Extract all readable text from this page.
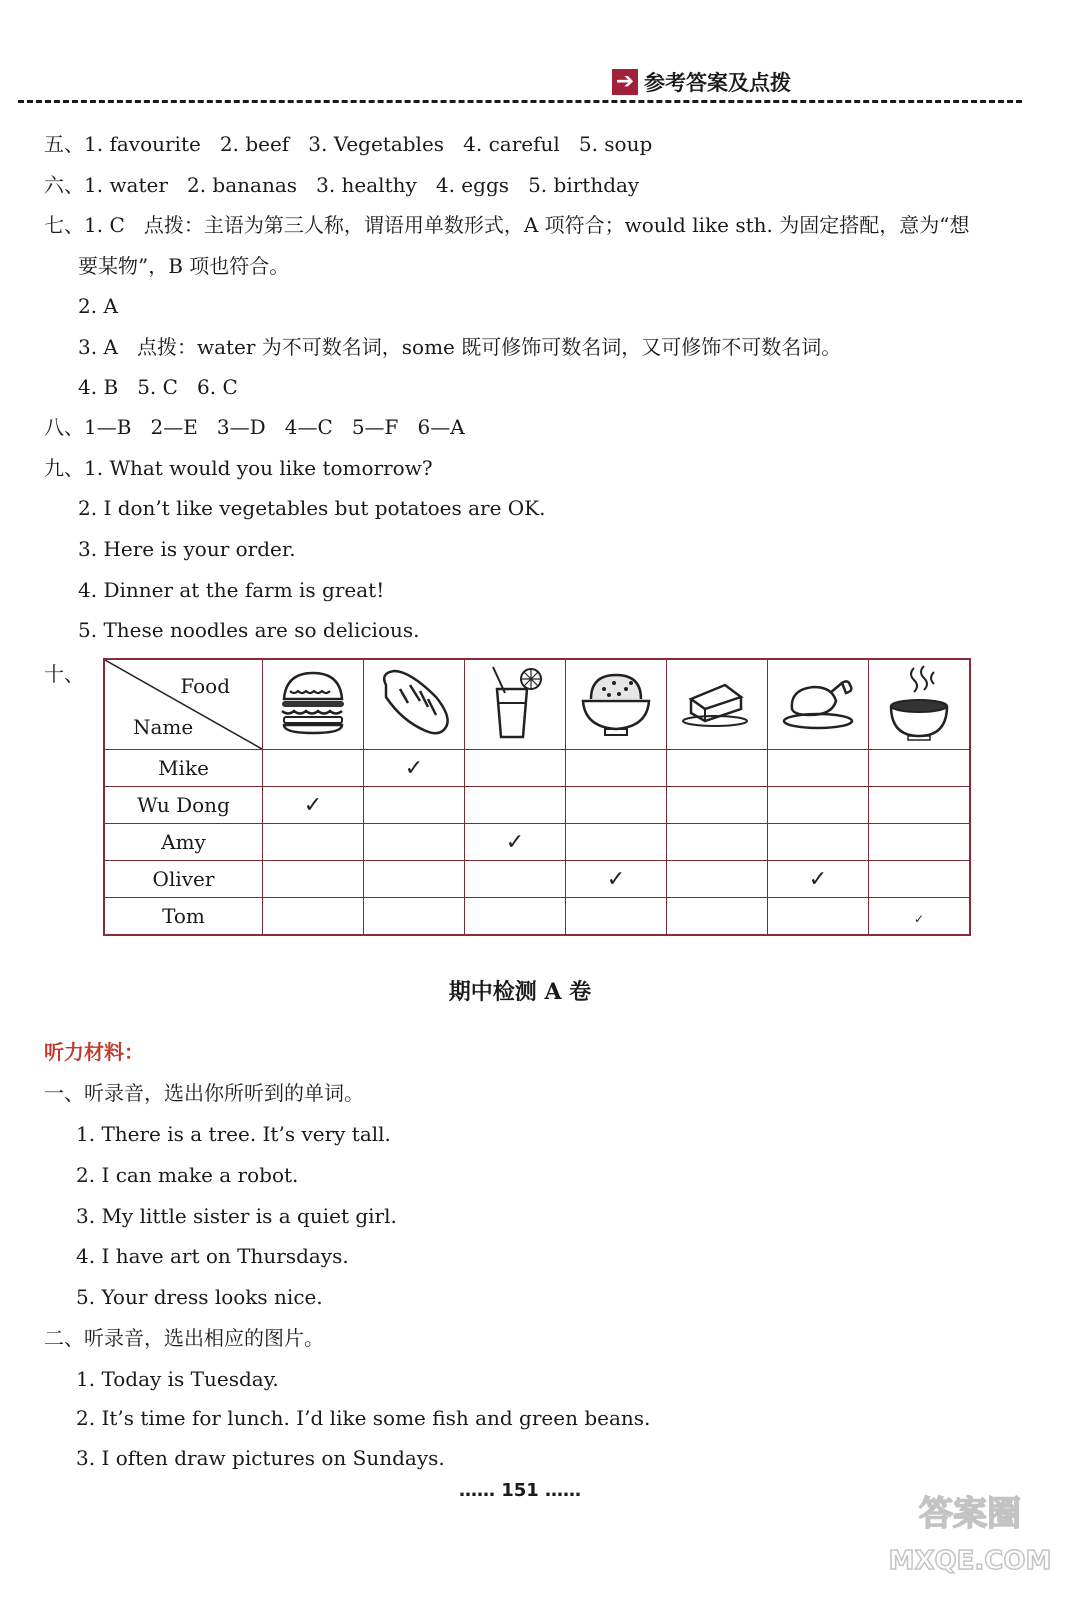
➔ 参考答案及点拨
五、1. favourite   2. beef   3. Vegetables   4. careful   5. soup
六、1. water   2. bananas   3. healthy   4. eggs   5. birthday
七、1. C   点拨：主语为第三人称，谓语用单数形式，A 项符合；would like sth. 为固定搭配，意为“想
要某物”，B 项也符合。
2. A
3. A   点拨：water 为不可数名词，some 既可修饰可数名词，又可修饰不可数名词。
4. B   5. C   6. C
八、1—B   2—E   3—D   4—C   5—F   6—A
九、1. What would you like tomorrow?
2. I don’t like vegetables but potatoes are OK.
3. Here is your order.
4. Dinner at the farm is great!
5. These noodles are so delicious.
十、	Food
Name

Mike		✓					
Wu Dong	✓						
Amy			✓				
Oliver				✓		✓	
Tom							✓
期中检测 A 卷
听力材料：
一、听录音，选出你所听到的单词。
1. There is a tree. It’s very tall.
2. I can make a robot.
3. My little sister is a quiet girl.
4. I have art on Thursdays.
5. Your dress looks nice.
二、听录音，选出相应的图片。
1. Today is Tuesday.
2. It’s time for lunch. I’d like some fish and green beans.
3. I often draw pictures on Sundays.
…… 151 ……
答案圈
MXQE.COM
